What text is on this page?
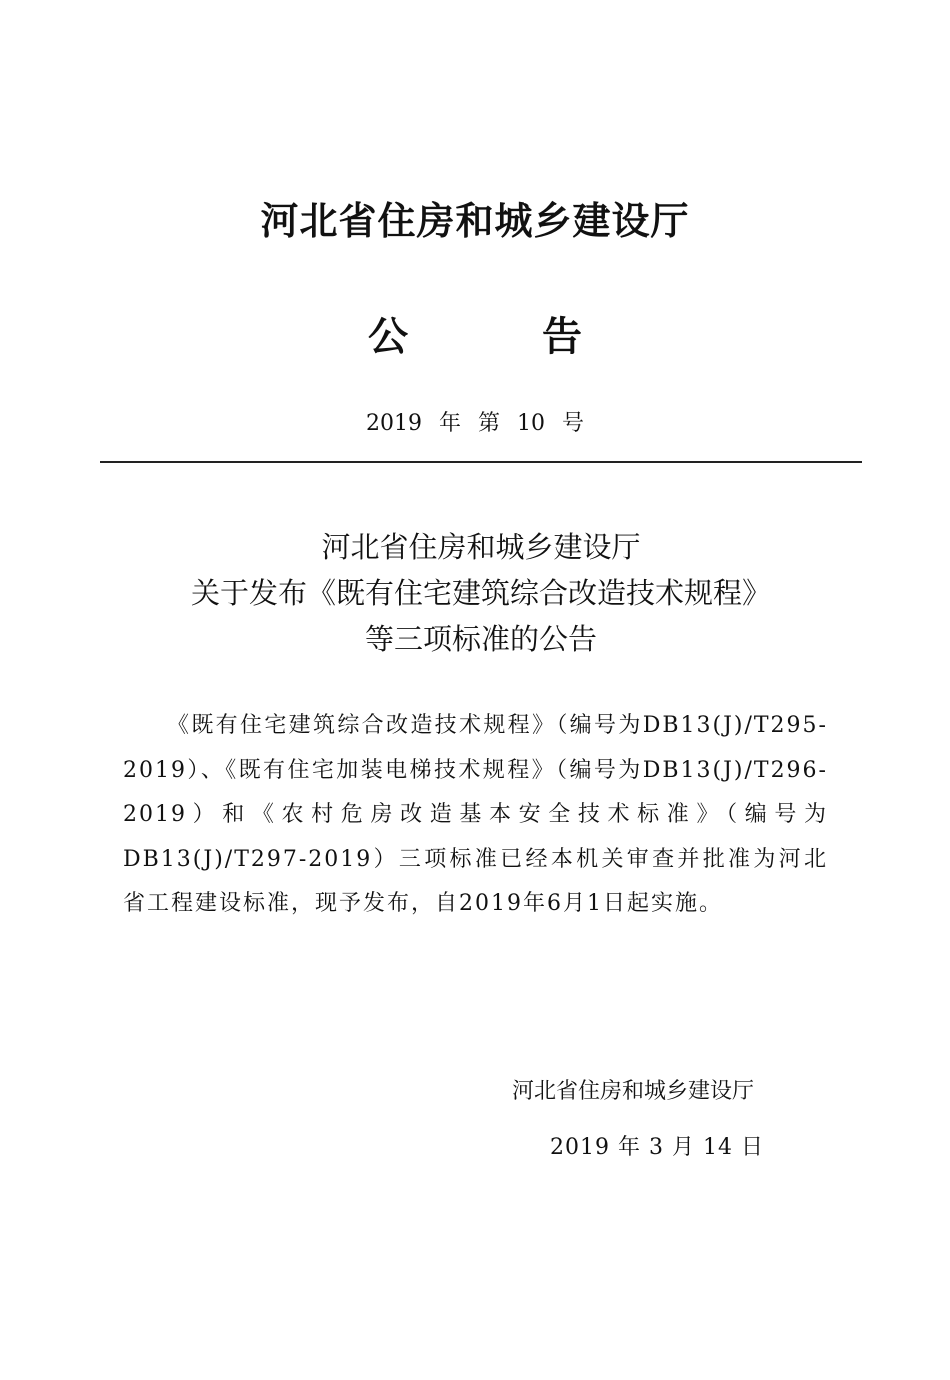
河北省住房和城乡建设厅
公 告
2019 年 第 10 号
河北省住房和城乡建设厅
关于发布《既有住宅建筑综合改造技术规程》
等三项标准的公告
《既有住宅建筑综合改造技术规程》（编号为DB13(J)/T295-2019）、《既有住宅加装电梯技术规程》（编号为DB13(J)/T296-2019）和《农村危房改造基本安全技术标准》（编号为DB13(J)/T297-2019）三项标准已经本机关审查并批准为河北省工程建设标准，现予发布，自2019年6月1日起实施。
河北省住房和城乡建设厅
2019 年 3 月 14 日
